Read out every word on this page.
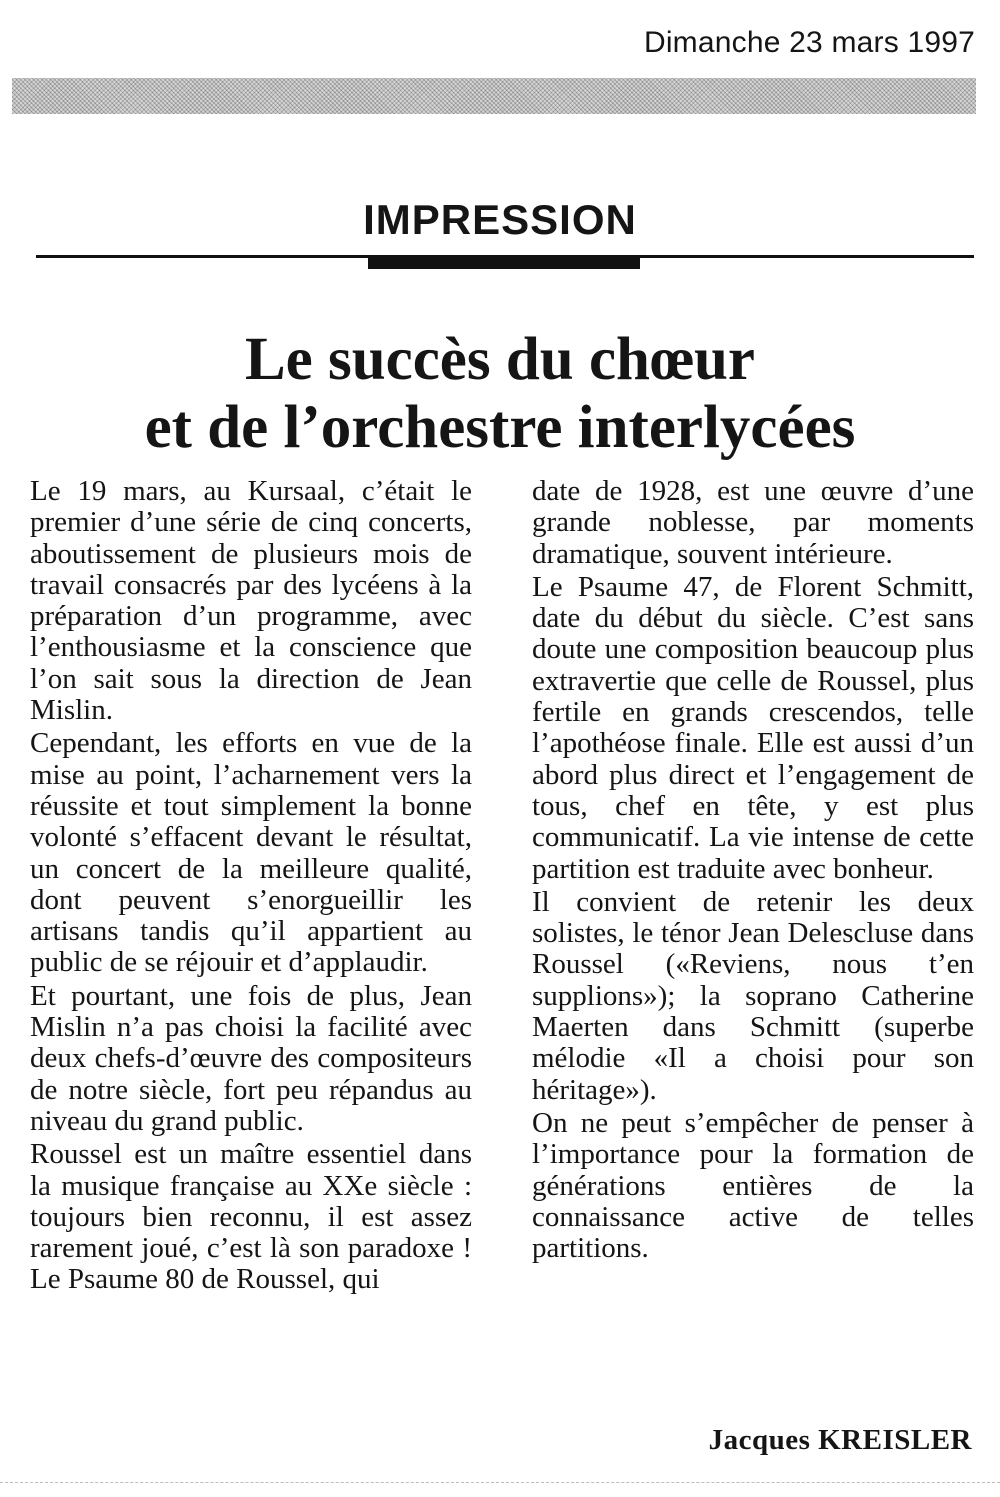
Dimanche 23 mars 1997
IMPRESSION
Le succès du chœur
et de l’orchestre interlycées

Le 19 mars, au Kursaal, c’était le premier d’une série de cinq concerts, aboutissement de plusieurs mois de travail consacrés par des lycéens à la préparation d’un programme, avec l’enthousiasme et la conscience que l’on sait sous la direction de Jean Mislin.

Cependant, les efforts en vue de la mise au point, l’acharnement vers la réussite et tout simplement la bonne volonté s’effacent devant le résultat, un concert de la meilleure qualité, dont peuvent s’enorgueillir les artisans tandis qu’il appartient au public de se réjouir et d’applaudir.

Et pourtant, une fois de plus, Jean Mislin n’a pas choisi la facilité avec deux chefs-d’œuvre des compositeurs de notre siècle, fort peu répandus au niveau du grand public.

Roussel est un maître essentiel dans la musique française au XXe siècle : toujours bien reconnu, il est assez rarement joué, c’est là son paradoxe ! Le Psaume 80 de Roussel, qui

date de 1928, est une œuvre d’une grande noblesse, par moments dramatique, souvent intérieure.

Le Psaume 47, de Florent Schmitt, date du début du siècle. C’est sans doute une composition beaucoup plus extravertie que celle de Roussel, plus fertile en grands crescendos, telle l’apothéose finale. Elle est aussi d’un abord plus direct et l’engagement de tous, chef en tête, y est plus communicatif. La vie intense de cette partition est traduite avec bonheur.

Il convient de retenir les deux solistes, le ténor Jean Delescluse dans Roussel («Reviens, nous t’en supplions»); la soprano Catherine Maerten dans Schmitt (superbe mélodie «Il a choisi pour son héritage»).

On ne peut s’empêcher de penser à l’importance pour la formation de générations entières de la connaissance active de telles partitions.

Jacques KREISLER
